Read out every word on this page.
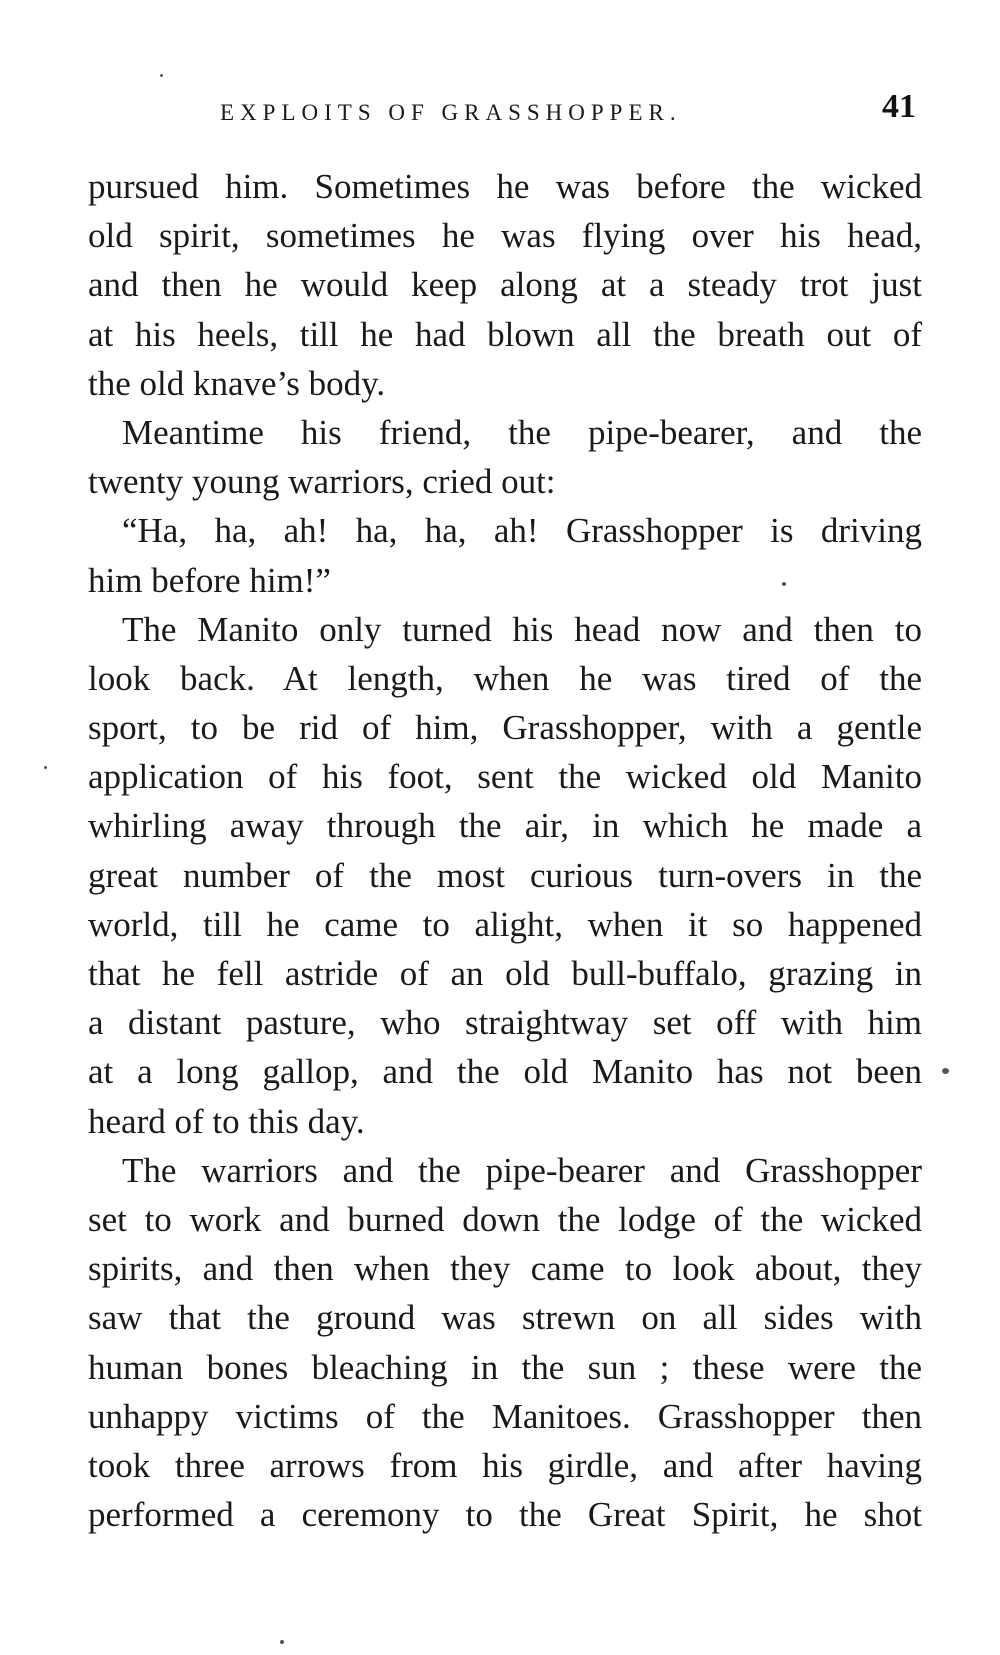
EXPLOITS OF GRASSHOPPER.	41
pursued him. Sometimes he was before the wicked
old spirit, sometimes he was flying over his head,
and then he would keep along at a steady trot just
at his heels, till he had blown all the breath out of
the old knave’s body.
Meantime his friend, the pipe-bearer, and the
twenty young warriors, cried out:
“Ha, ha, ah! ha, ha, ah! Grasshopper is driving
him before him!”
The Manito only turned his head now and then to
look back. At length, when he was tired of the
sport, to be rid of him, Grasshopper, with a gentle
application of his foot, sent the wicked old Manito
whirling away through the air, in which he made a
great number of the most curious turn-overs in the
world, till he came to alight, when it so happened
that he fell astride of an old bull-buffalo, grazing in
a distant pasture, who straightway set off with him
at a long gallop, and the old Manito has not been
heard of to this day.
The warriors and the pipe-bearer and Grasshopper
set to work and burned down the lodge of the wicked
spirits, and then when they came to look about, they
saw that the ground was strewn on all sides with
human bones bleaching in the sun ; these were the
unhappy victims of the Manitoes. Grasshopper then
took three arrows from his girdle, and after having
performed a ceremony to the Great Spirit, he shot
